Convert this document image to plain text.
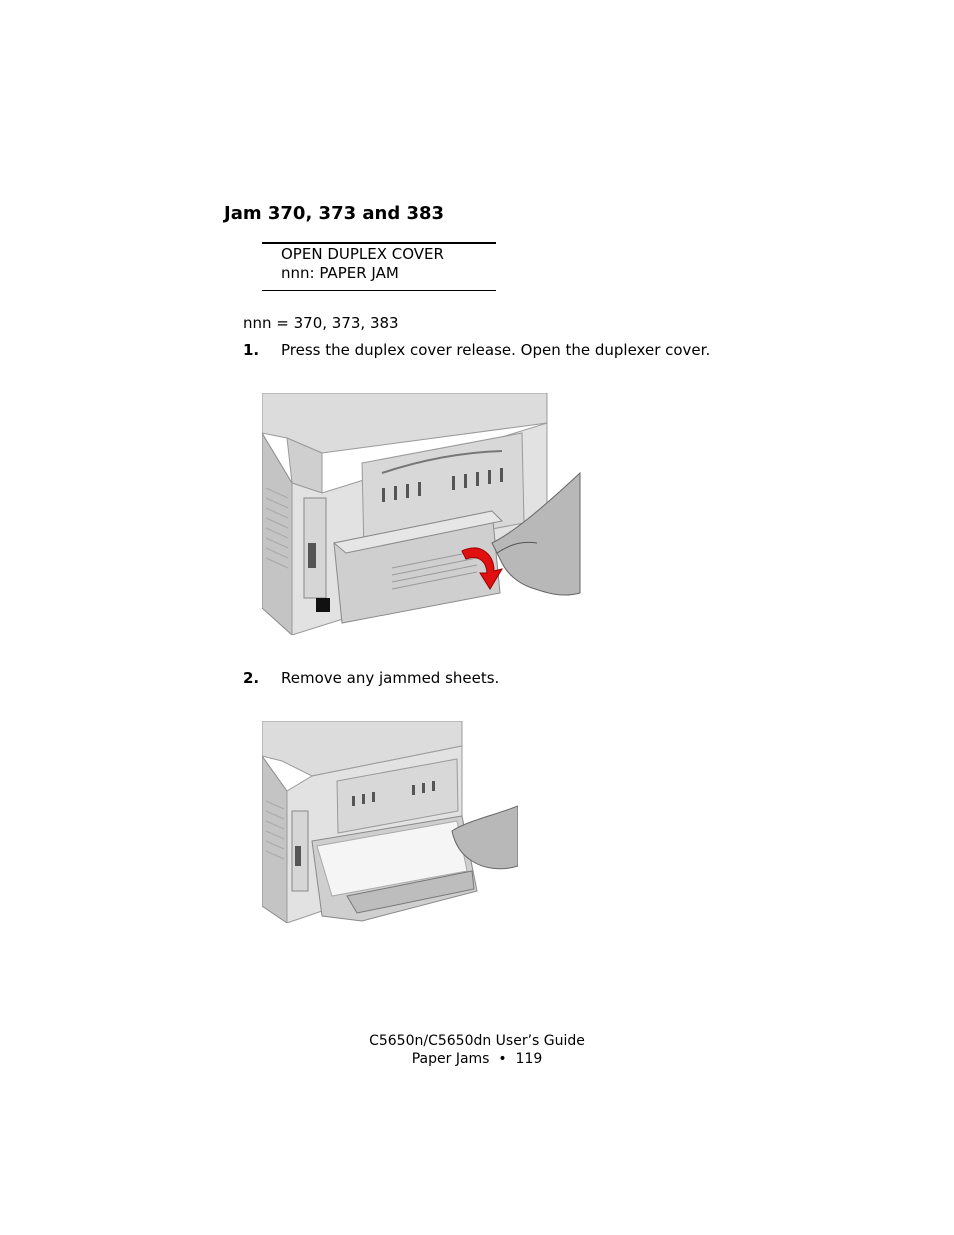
Jam 370, 373 and 383
OPEN DUPLEX COVER
nnn: PAPER JAM
nnn = 370, 373, 383
1. Press the duplex cover release. Open the duplexer cover.
2. Remove any jammed sheets.
C5650n/C5650dn User’s Guide
Paper Jams • 119
